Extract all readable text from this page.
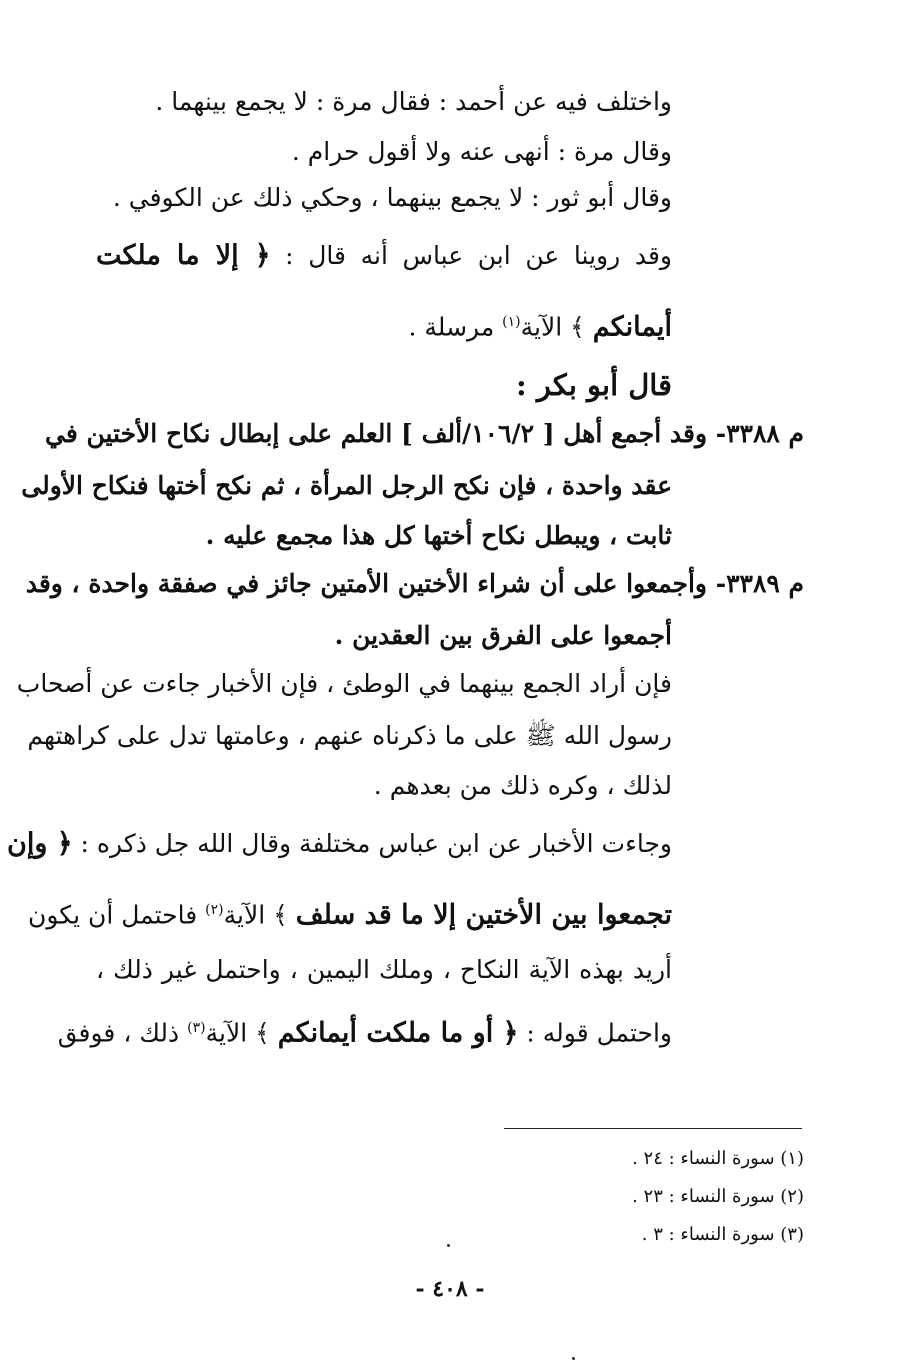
واختلف فيه عن أحمد : فقال مرة : لا يجمع بينهما .
وقال مرة : أنهى عنه ولا أقول حرام .
وقال أبو ثور : لا يجمع بينهما ، وحكي ذلك عن الكوفي .
وقد روينا عن ابن عباس أنه قال : ﴿ إلا ما ملكت
أيمانكم ﴾ الآية$^{(١)}$ مرسلة .
قال أبو بكر :
م ٣٣٨٨- وقد أجمع أهل [ ١٠٦/٢/ألف ] العلم على إبطال نكاح الأختين في
عقد واحدة ، فإن نكح الرجل المرأة ، ثم نكح أختها فنكاح الأولى
ثابت ، ويبطل نكاح أختها كل هذا مجمع عليه .
م ٣٣٨٩- وأجمعوا على أن شراء الأختين الأمتين جائز في صفقة واحدة ، وقد
أجمعوا على الفرق بين العقدين .
فإن أراد الجمع بينهما في الوطئ ، فإن الأخبار جاءت عن أصحاب
رسول الله ﷺ على ما ذكرناه عنهم ، وعامتها تدل على كراهتهم
لذلك ، وكره ذلك من بعدهم .
وجاءت الأخبار عن ابن عباس مختلفة وقال الله جل ذكره : ﴿ وإن
تجمعوا بين الأختين إلا ما قد سلف ﴾ الآية$^{(٢)}$ فاحتمل أن يكون
أريد بهذه الآية النكاح ، وملك اليمين ، واحتمل غير ذلك ،
واحتمل قوله : ﴿ أو ما ملكت أيمانكم ﴾ الآية$^{(٣)}$ ذلك ، فوفق
(١) سورة النساء : ٢٤ .
(٢) سورة النساء : ٢٣ .
(٣) سورة النساء : ٣ .
- ٤٠٨ -
